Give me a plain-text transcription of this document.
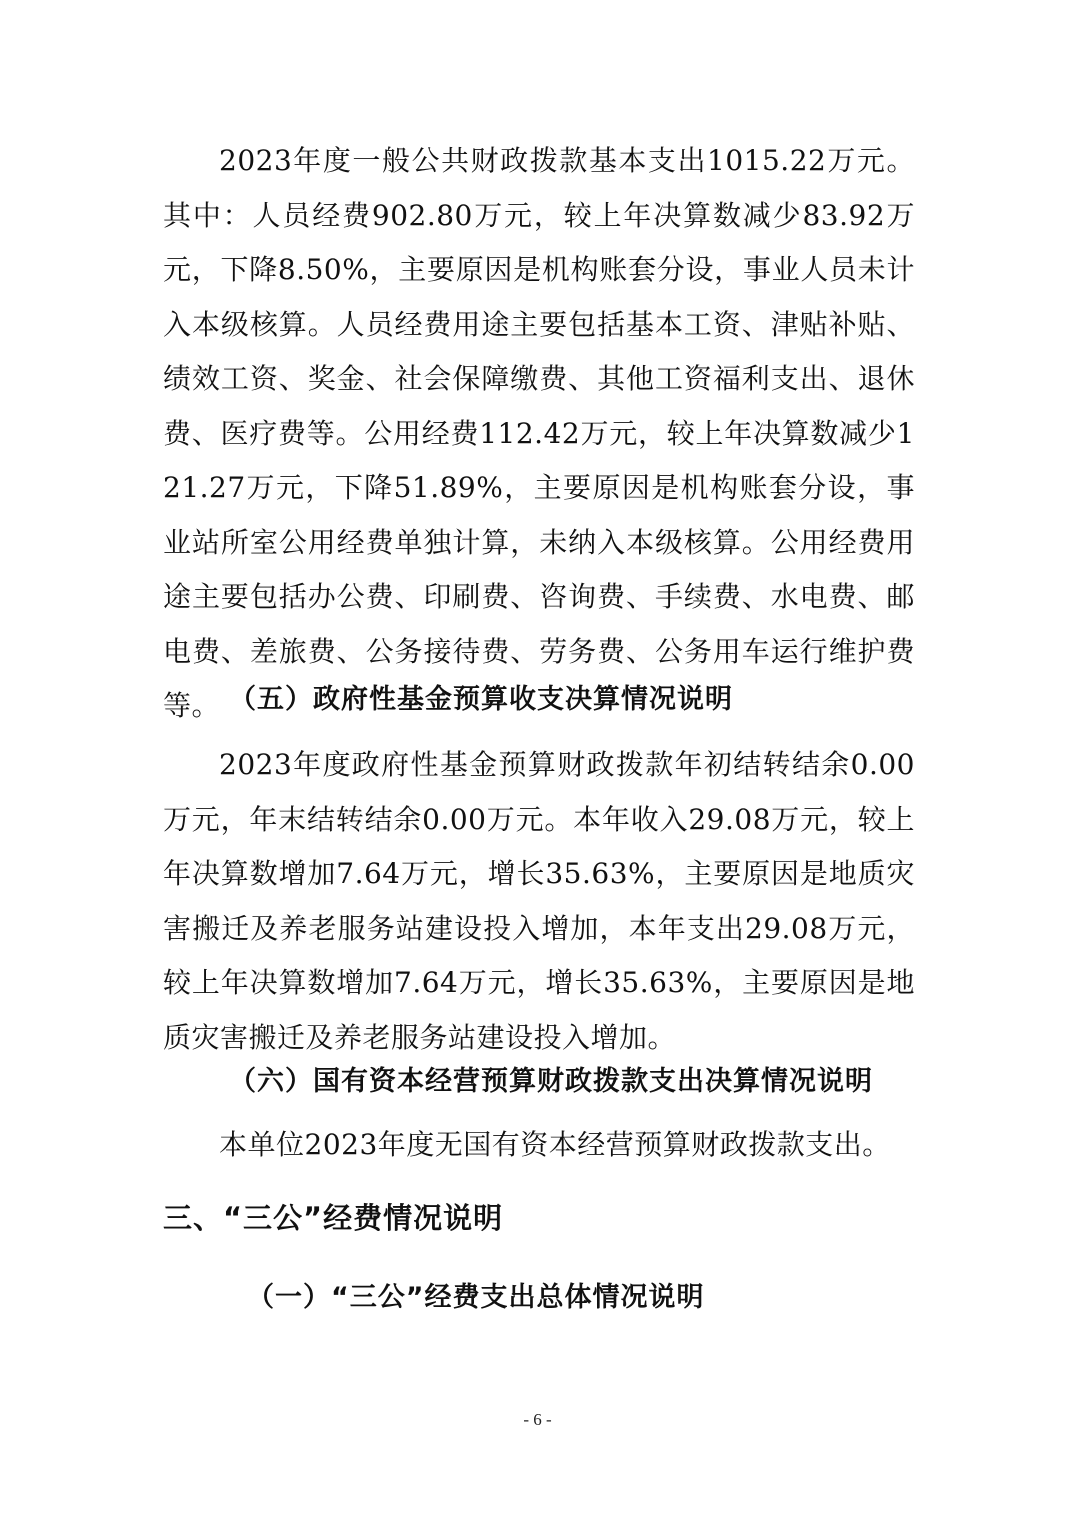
2023年度一般公共财政拨款基本支出1015.22万元。其中：人员经费902.80万元，较上年决算数减少83.92万元，下降8.50%，主要原因是机构账套分设，事业人员未计入本级核算。人员经费用途主要包括基本工资、津贴补贴、绩效工资、奖金、社会保障缴费、其他工资福利支出、退休费、医疗费等。公用经费112.42万元，较上年决算数减少121.27万元，下降51.89%，主要原因是机构账套分设，事业站所室公用经费单独计算，未纳入本级核算。公用经费用途主要包括办公费、印刷费、咨询费、手续费、水电费、邮电费、差旅费、公务接待费、劳务费、公务用车运行维护费等。 （五）政府性基金预算收支决算情况说明

2023年度政府性基金预算财政拨款年初结转结余0.00万元，年末结转结余0.00万元。本年收入29.08万元，较上年决算数增加7.64万元，增长35.63%，主要原因是地质灾害搬迁及养老服务站建设投入增加，本年支出29.08万元，较上年决算数增加7.64万元，增长35.63%，主要原因是地质灾害搬迁及养老服务站建设投入增加。

（六）国有资本经营预算财政拨款支出决算情况说明

本单位2023年度无国有资本经营预算财政拨款支出。

三、“三公”经费情况说明
（一）“三公”经费支出总体情况说明
- 6 -
